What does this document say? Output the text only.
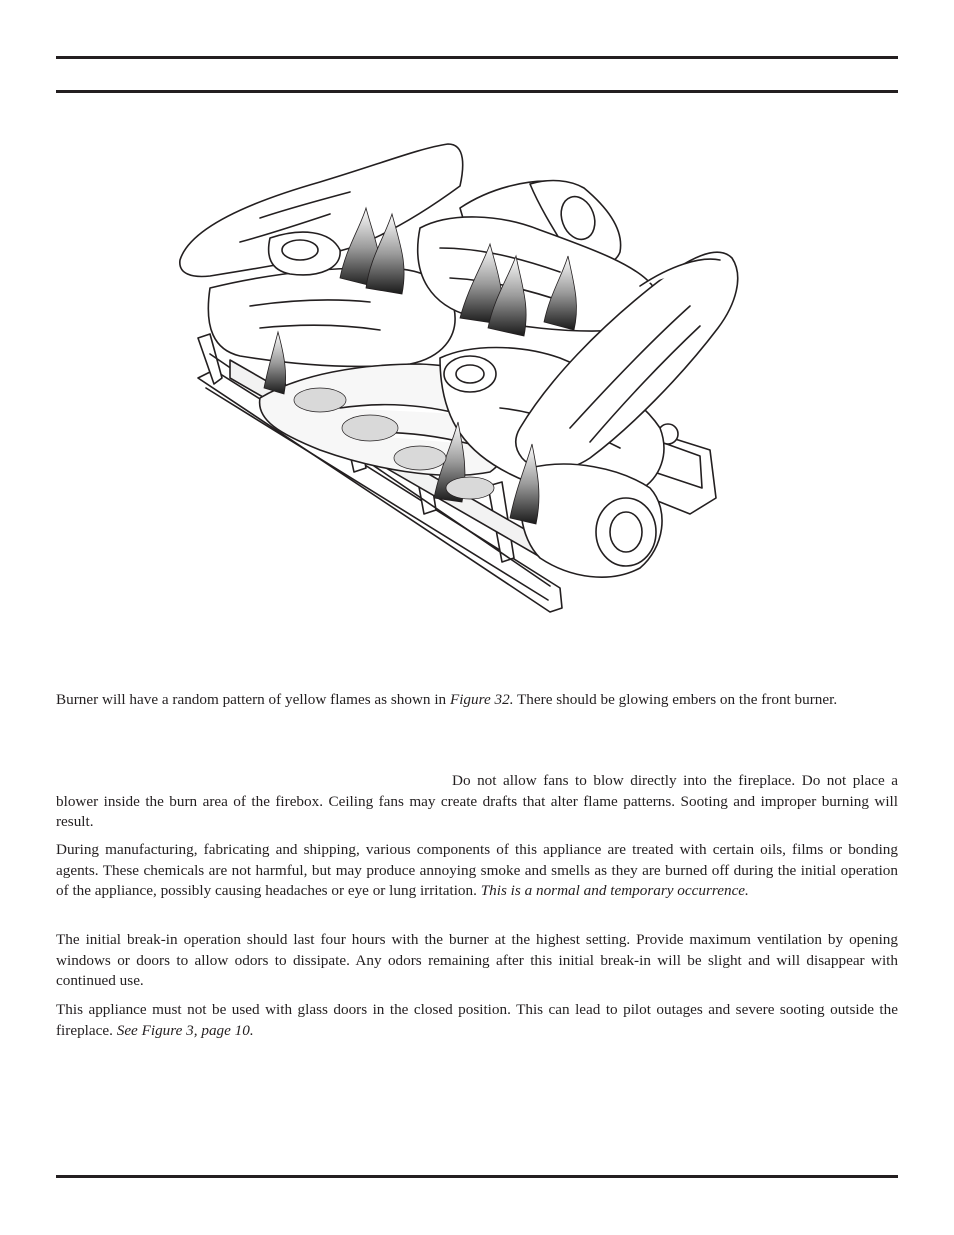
Burner will have a random pattern of yellow flames as shown in Figure 32. There should be glowing embers on the front burner.

Do not allow fans to blow directly into the fireplace. Do not place a blower inside the burn area of the firebox. Ceiling fans may create drafts that alter flame patterns. Sooting and improper burning will result.

During manufacturing, fabricating and shipping, various components of this appliance are treated with certain oils, films or bonding agents. These chemicals are not harmful, but may produce annoying smoke and smells as they are burned off during the initial operation of the appliance, possibly causing headaches or eye or lung irritation. This is a normal and temporary occurrence.

The initial break-in operation should last four hours with the burner at the highest setting. Provide maximum ventilation by opening windows or doors to allow odors to dissipate. Any odors remaining after this initial break-in will be slight and will disappear with continued use.

This appliance must not be used with glass doors in the closed position. This can lead to pilot outages and severe sooting outside the fireplace. See Figure 3, page 10.
